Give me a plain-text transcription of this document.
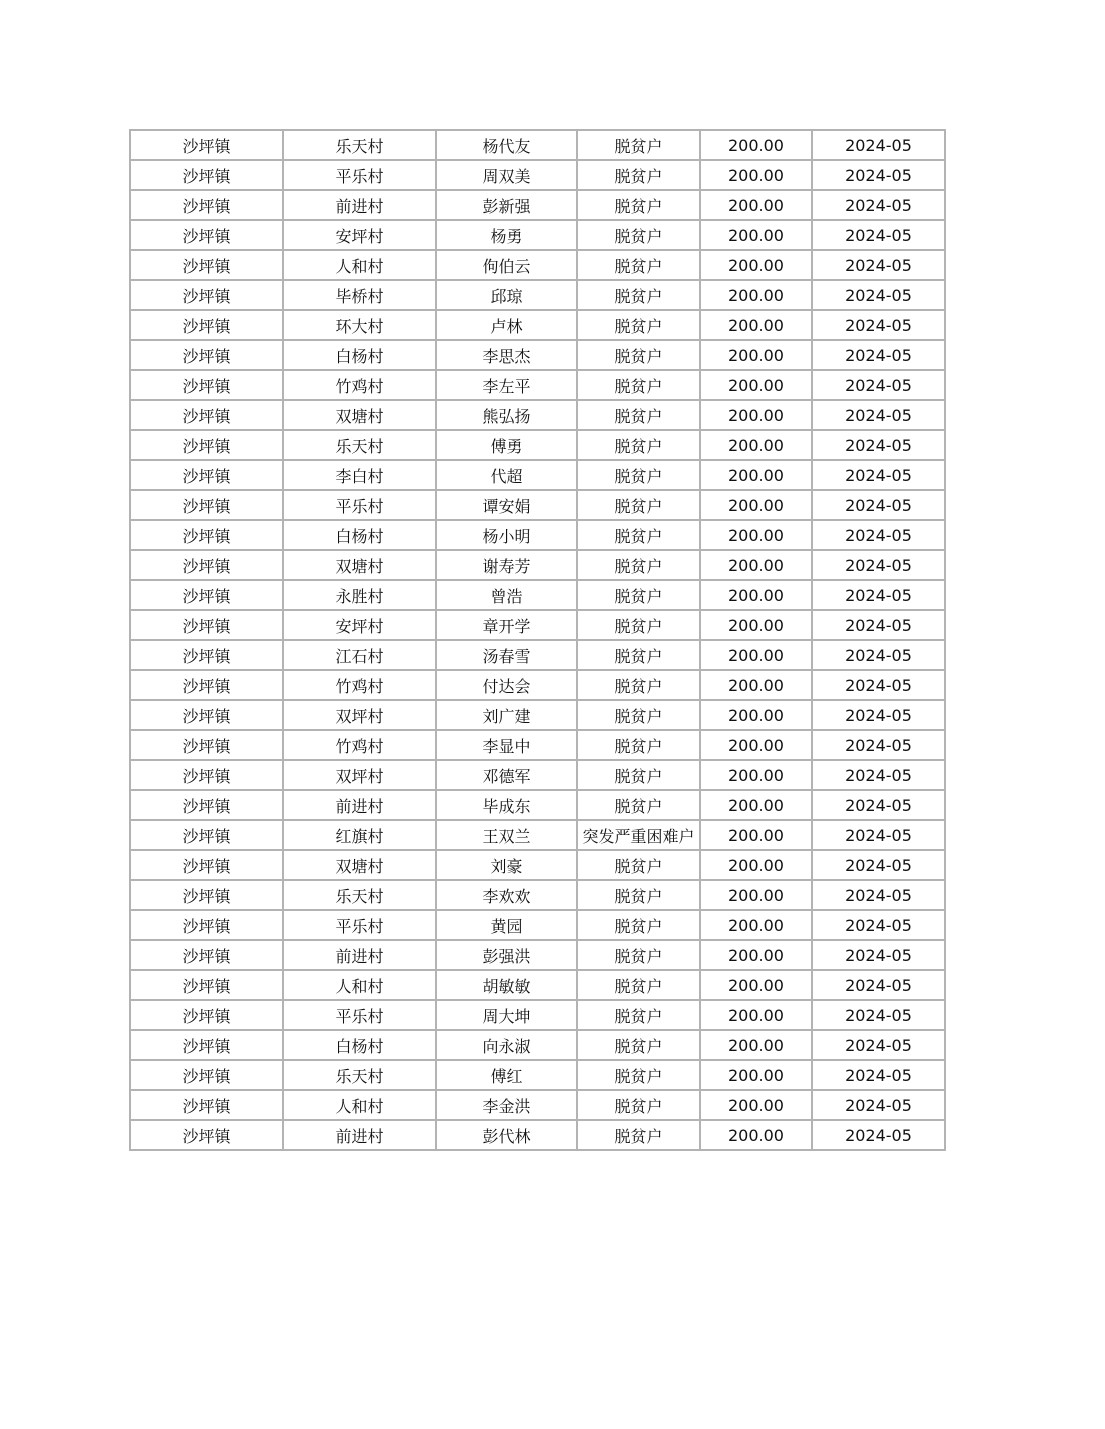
沙坪镇	乐天村	杨代友	脱贫户	200.00	2024-05
沙坪镇	平乐村	周双美	脱贫户	200.00	2024-05
沙坪镇	前进村	彭新强	脱贫户	200.00	2024-05
沙坪镇	安坪村	杨勇	脱贫户	200.00	2024-05
沙坪镇	人和村	佝伯云	脱贫户	200.00	2024-05
沙坪镇	毕桥村	邱琼	脱贫户	200.00	2024-05
沙坪镇	环大村	卢林	脱贫户	200.00	2024-05
沙坪镇	白杨村	李思杰	脱贫户	200.00	2024-05
沙坪镇	竹鸡村	李左平	脱贫户	200.00	2024-05
沙坪镇	双塘村	熊弘扬	脱贫户	200.00	2024-05
沙坪镇	乐天村	傅勇	脱贫户	200.00	2024-05
沙坪镇	李白村	代超	脱贫户	200.00	2024-05
沙坪镇	平乐村	谭安娟	脱贫户	200.00	2024-05
沙坪镇	白杨村	杨小明	脱贫户	200.00	2024-05
沙坪镇	双塘村	谢寿芳	脱贫户	200.00	2024-05
沙坪镇	永胜村	曾浩	脱贫户	200.00	2024-05
沙坪镇	安坪村	章开学	脱贫户	200.00	2024-05
沙坪镇	江石村	汤春雪	脱贫户	200.00	2024-05
沙坪镇	竹鸡村	付达会	脱贫户	200.00	2024-05
沙坪镇	双坪村	刘广建	脱贫户	200.00	2024-05
沙坪镇	竹鸡村	李显中	脱贫户	200.00	2024-05
沙坪镇	双坪村	邓德军	脱贫户	200.00	2024-05
沙坪镇	前进村	毕成东	脱贫户	200.00	2024-05
沙坪镇	红旗村	王双兰	突发严重困难户	200.00	2024-05
沙坪镇	双塘村	刘豪	脱贫户	200.00	2024-05
沙坪镇	乐天村	李欢欢	脱贫户	200.00	2024-05
沙坪镇	平乐村	黄园	脱贫户	200.00	2024-05
沙坪镇	前进村	彭强洪	脱贫户	200.00	2024-05
沙坪镇	人和村	胡敏敏	脱贫户	200.00	2024-05
沙坪镇	平乐村	周大坤	脱贫户	200.00	2024-05
沙坪镇	白杨村	向永淑	脱贫户	200.00	2024-05
沙坪镇	乐天村	傅红	脱贫户	200.00	2024-05
沙坪镇	人和村	李金洪	脱贫户	200.00	2024-05
沙坪镇	前进村	彭代林	脱贫户	200.00	2024-05
